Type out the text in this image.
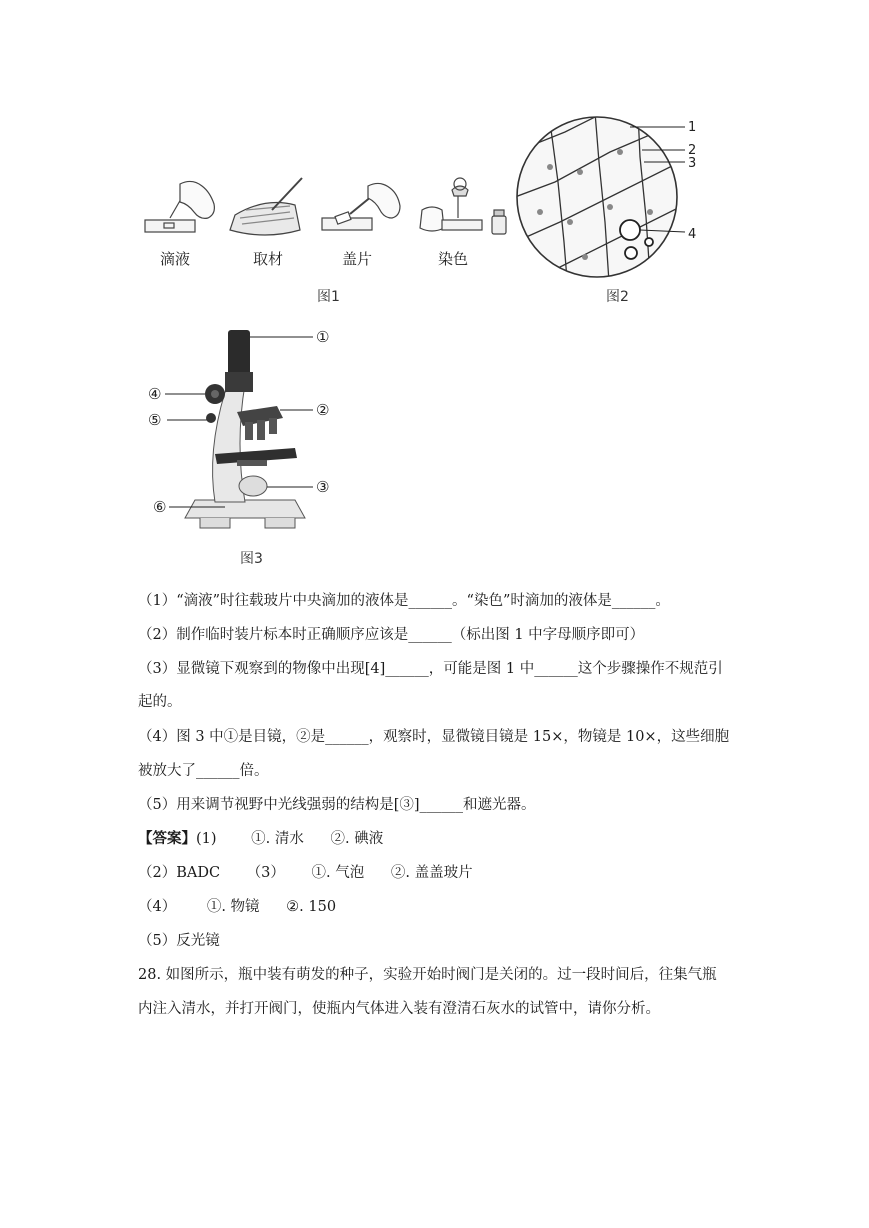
滴液	取材	盖片	染色
图1
1
2
3
4
图2
①
④
⑤
②
③
⑥
图3
（1）“滴液”时往载玻片中央滴加的液体是______。“染色”时滴加的液体是______。
（2）制作临时装片标本时正确顺序应该是______（标出图 1 中字母顺序即可）
（3）显微镜下观察到的物像中出现[4]______，可能是图 1 中______这个步骤操作不规范引
起的。
（4）图 3 中①是目镜，②是______，观察时，显微镜目镜是 15×，物镜是 10×，这些细胞
被放大了______倍。
（5）用来调节视野中光线强弱的结构是[③]______和遮光器。
【答案】(1) ①. 清水 ②. 碘液
（2）BADC （3） ①. 气泡 ②. 盖盖玻片
（4） ①. 物镜 ②. 150
（5）反光镜
28. 如图所示，瓶中装有萌发的种子，实验开始时阀门是关闭的。过一段时间后，往集气瓶
内注入清水，并打开阀门，使瓶内气体进入装有澄清石灰水的试管中，请你分析。
